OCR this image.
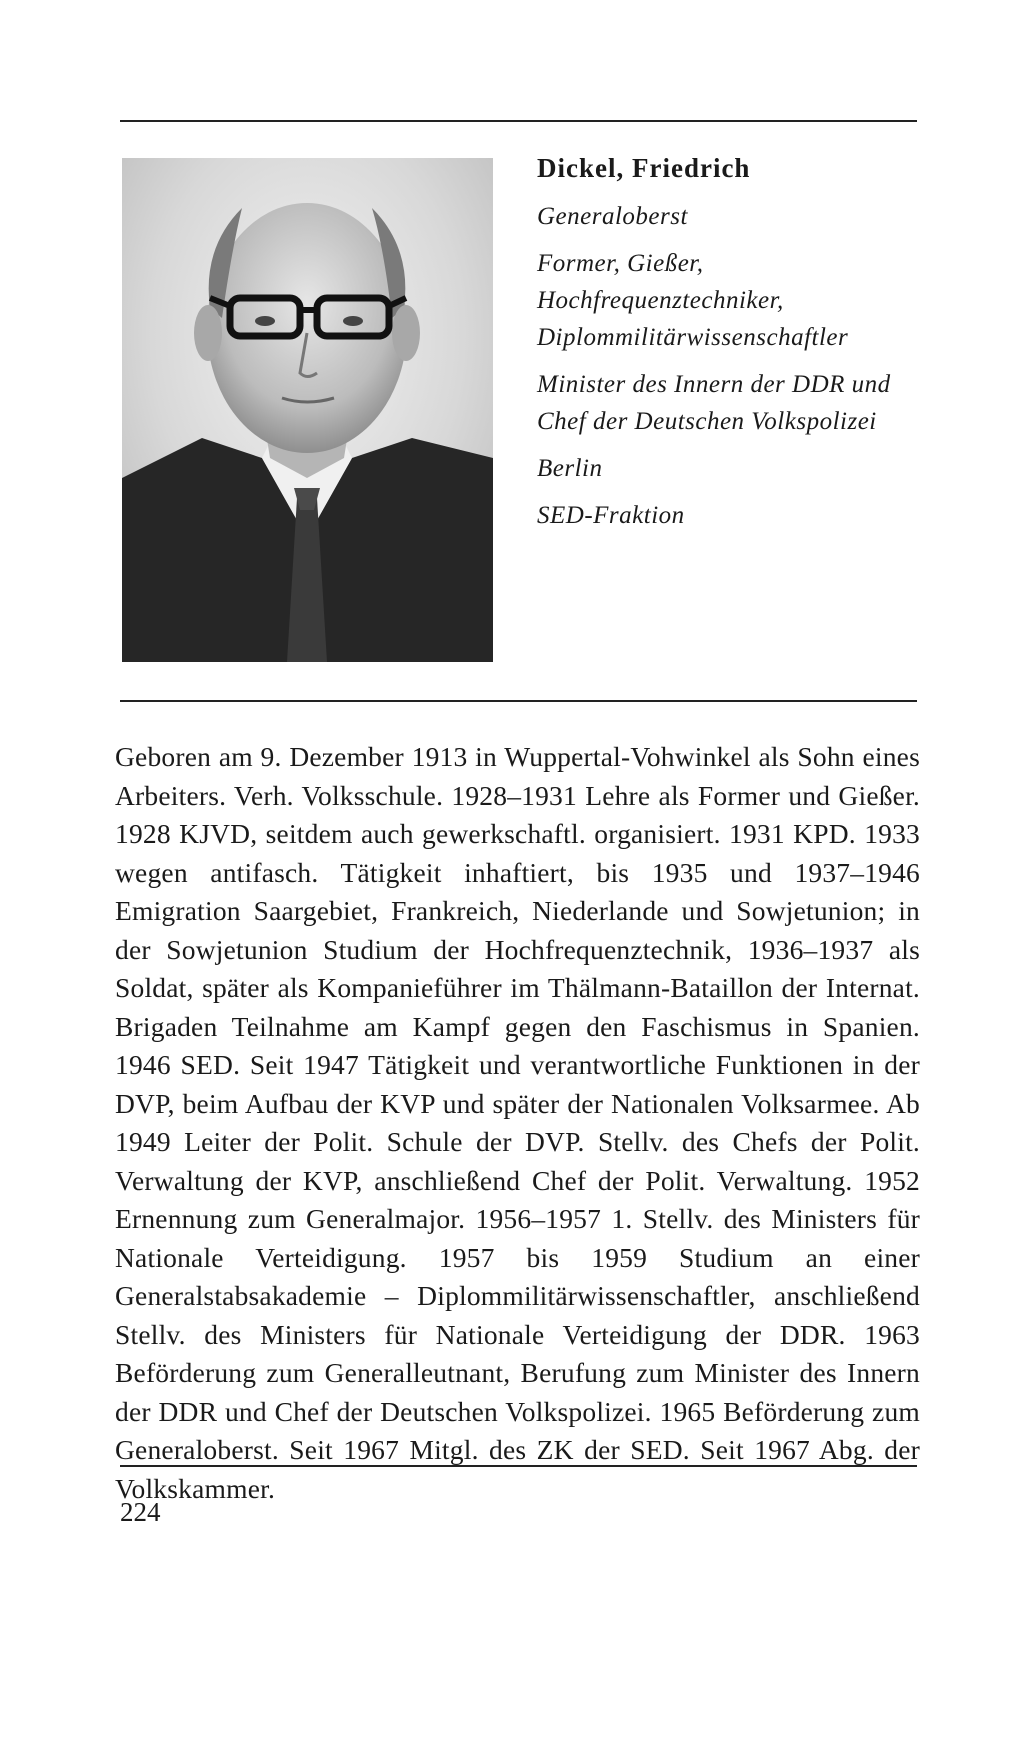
Dickel, Friedrich
Generaloberst
Former, Gießer, Hochfrequenztechniker, Diplommilitärwissenschaftler
Minister des Innern der DDR und Chef der Deutschen Volkspolizei
Berlin
SED-Fraktion

Geboren am 9. Dezember 1913 in Wuppertal-Vohwinkel als Sohn eines Arbeiters. Verh. Volksschule. 1928–1931 Lehre als Former und Gießer. 1928 KJVD, seitdem auch gewerkschaftl. organisiert. 1931 KPD. 1933 wegen antifasch. Tätigkeit inhaftiert, bis 1935 und 1937–1946 Emigration Saargebiet, Frankreich, Niederlande und Sowjetunion; in der Sowjetunion Studium der Hochfrequenztechnik, 1936–1937 als Soldat, später als Kompanieführer im Thälmann-Bataillon der Internat. Brigaden Teilnahme am Kampf gegen den Faschismus in Spanien. 1946 SED. Seit 1947 Tätigkeit und verantwortliche Funktionen in der DVP, beim Aufbau der KVP und später der Nationalen Volksarmee. Ab 1949 Leiter der Polit. Schule der DVP. Stellv. des Chefs der Polit. Verwaltung der KVP, anschließend Chef der Polit. Verwaltung. 1952 Ernennung zum Generalmajor. 1956–1957 1. Stellv. des Ministers für Nationale Verteidigung. 1957 bis 1959 Studium an einer Generalstabsakademie – Diplommilitärwissenschaftler, anschließend Stellv. des Ministers für Nationale Verteidigung der DDR. 1963 Beförderung zum Generalleutnant, Berufung zum Minister des Innern der DDR und Chef der Deutschen Volkspolizei. 1965 Beförderung zum Generaloberst. Seit 1967 Mitgl. des ZK der SED. Seit 1967 Abg. der Volkskammer.

224
